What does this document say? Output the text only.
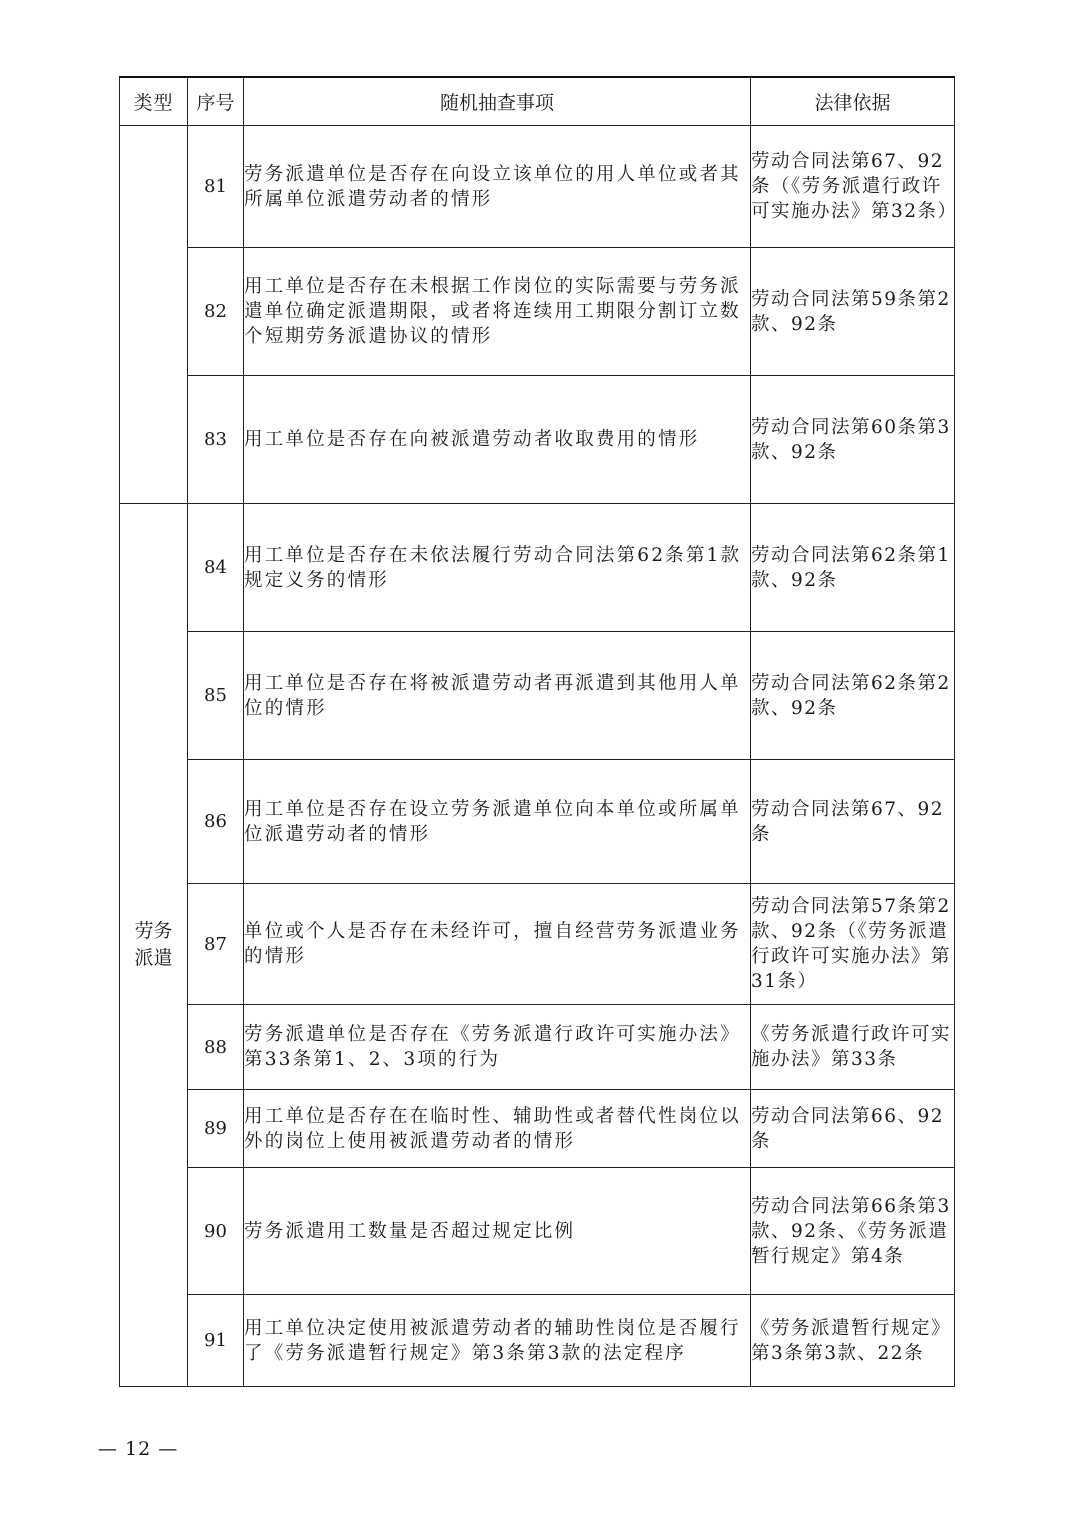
类型	序号	随机抽查事项	法律依据
	81	劳务派遣单位是否存在向设立该单位的用人单位或者其所属单位派遣劳动者的情形	劳动合同法第67、92条（《劳务派遣行政许可实施办法》第32条）
	82	用工单位是否存在未根据工作岗位的实际需要与劳务派遣单位确定派遣期限，或者将连续用工期限分割订立数个短期劳务派遣协议的情形	劳动合同法第59条第2款、92条
	83	用工单位是否存在向被派遣劳动者收取费用的情形	劳动合同法第60条第3款、92条
劳务派遣	84	用工单位是否存在未依法履行劳动合同法第62条第1款规定义务的情形	劳动合同法第62条第1款、92条
	85	用工单位是否存在将被派遣劳动者再派遣到其他用人单位的情形	劳动合同法第62条第2款、92条
	86	用工单位是否存在设立劳务派遣单位向本单位或所属单位派遣劳动者的情形	劳动合同法第67、92条
	87	单位或个人是否存在未经许可，擅自经营劳务派遣业务的情形	劳动合同法第57条第2款、92条（《劳务派遣行政许可实施办法》第31条）
	88	劳务派遣单位是否存在《劳务派遣行政许可实施办法》第33条第1、2、3项的行为	《劳务派遣行政许可实施办法》第33条
	89	用工单位是否存在在临时性、辅助性或者替代性岗位以外的岗位上使用被派遣劳动者的情形	劳动合同法第66、92条
	90	劳务派遣用工数量是否超过规定比例	劳动合同法第66条第3款、92条、《劳务派遣暂行规定》第4条
	91	用工单位决定使用被派遣劳动者的辅助性岗位是否履行了《劳务派遣暂行规定》第3条第3款的法定程序	《劳务派遣暂行规定》第3条第3款、22条
— 12 —
